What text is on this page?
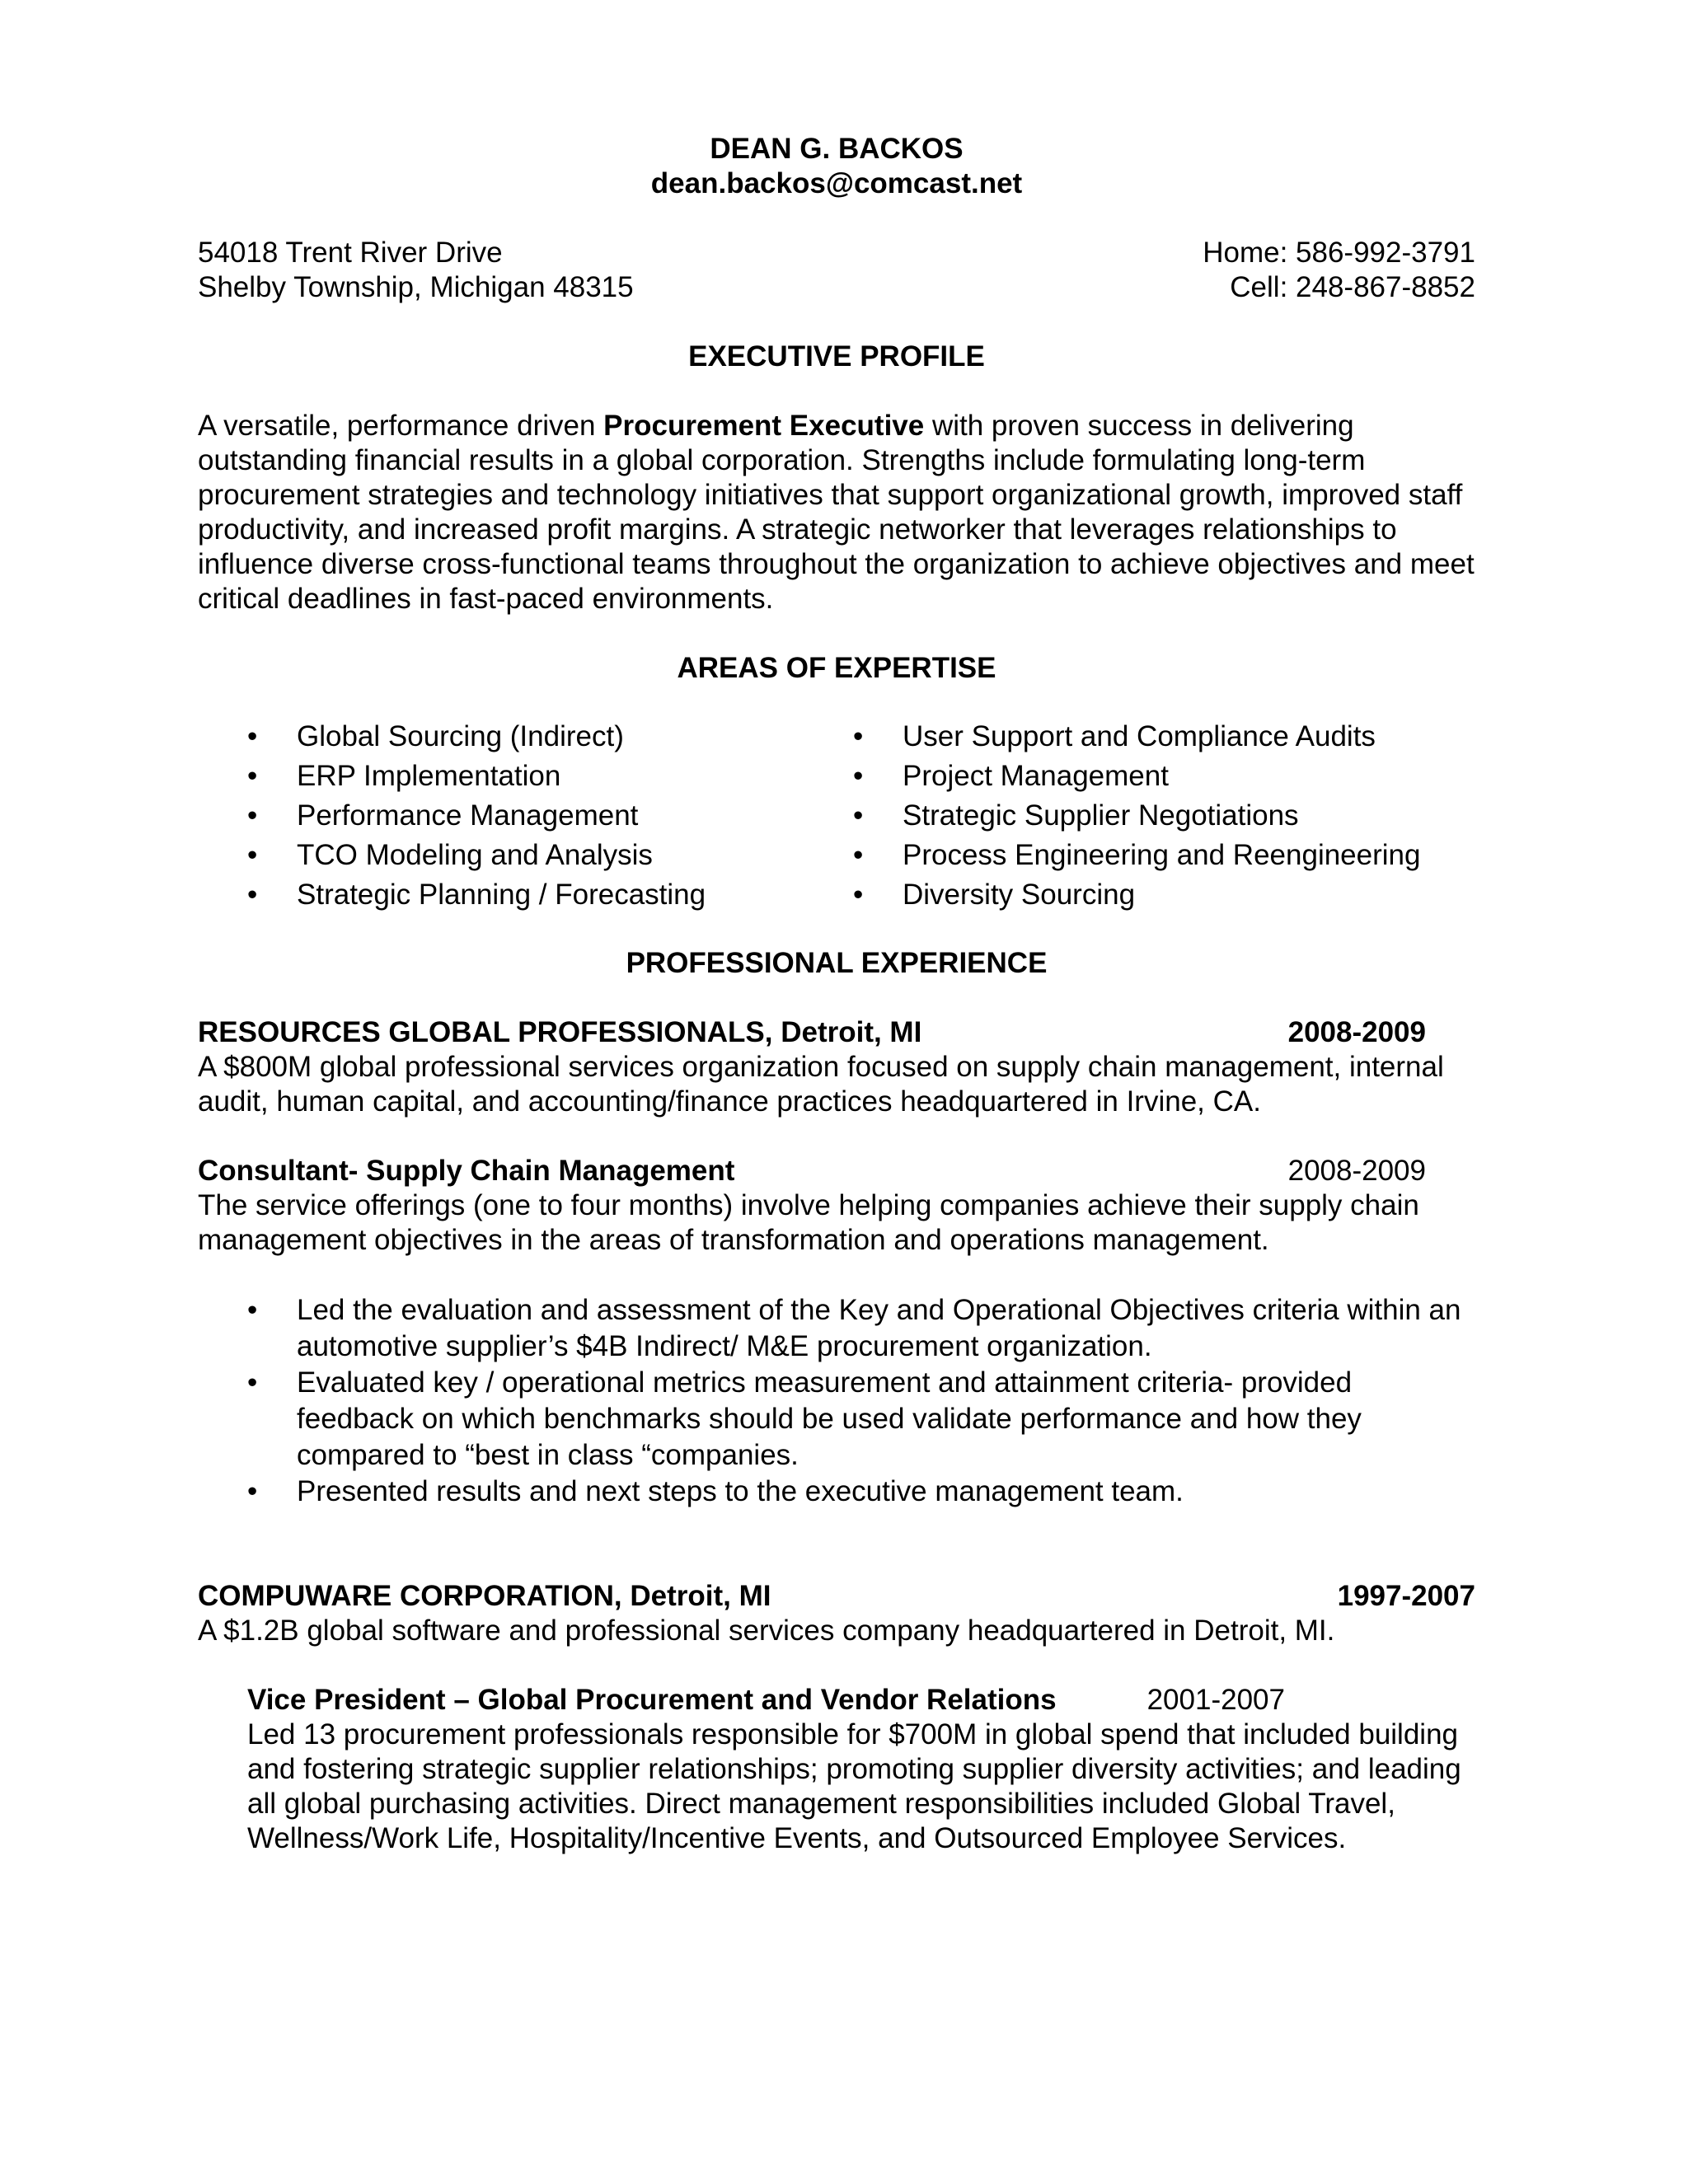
DEAN G. BACKOS
dean.backos@comcast.net
54018 Trent River Drive
Shelby Township, Michigan 48315
Home: 586-992-3791
Cell: 248-867-8852
EXECUTIVE PROFILE

A versatile, performance driven Procurement Executive with proven success in delivering outstanding financial results in a global corporation. Strengths include formulating long-term procurement strategies and technology initiatives that support organizational growth, improved staff productivity, and increased profit margins. A strategic networker that leverages relationships to influence diverse cross-functional teams throughout the organization to achieve objectives and meet critical deadlines in fast-paced environments.

AREAS OF EXPERTISE
• Global Sourcing (Indirect)
• ERP Implementation
• Performance Management
• TCO Modeling and Analysis
• Strategic Planning / Forecasting
• User Support and Compliance Audits
• Project Management
• Strategic Supplier Negotiations
• Process Engineering and Reengineering
• Diversity Sourcing
PROFESSIONAL EXPERIENCE
RESOURCES GLOBAL PROFESSIONALS, Detroit, MI	2008-2009

A $800M global professional services organization focused on supply chain management, internal audit, human capital, and accounting/finance practices headquartered in Irvine, CA.

Consultant- Supply Chain Management	2008-2009

The service offerings (one to four months) involve helping companies achieve their supply chain management objectives in the areas of transformation and operations management.

• Led the evaluation and assessment of the Key and Operational Objectives criteria within an automotive supplier’s $4B Indirect/ M&E procurement organization.
• Evaluated key / operational metrics measurement and attainment criteria- provided feedback on which benchmarks should be used validate performance and how they compared to “best in class “companies.
• Presented results and next steps to the executive management team.
COMPUWARE CORPORATION, Detroit, MI	1997-2007

A $1.2B global software and professional services company headquartered in Detroit, MI.

Vice President – Global Procurement and Vendor Relations	2001-2007

Led 13 procurement professionals responsible for $700M in global spend that included building and fostering strategic supplier relationships; promoting supplier diversity activities; and leading all global purchasing activities. Direct management responsibilities included Global Travel, Wellness/Work Life, Hospitality/Incentive Events, and Outsourced Employee Services.
